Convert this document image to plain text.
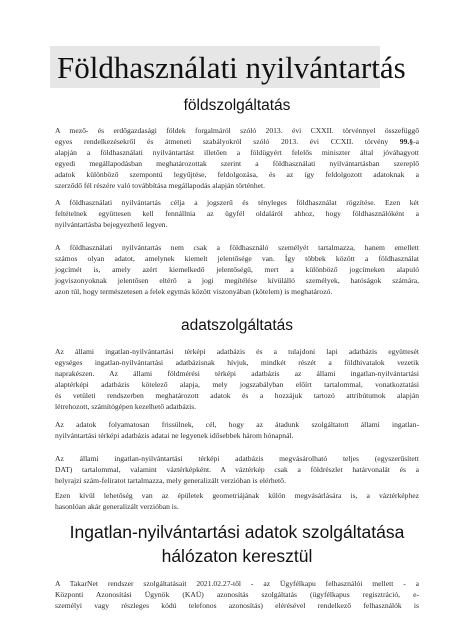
Földhasználati nyilvántartás
földszolgáltatás
A mező- és erdőgazdasági földek forgalmáról szóló 2013. évi CXXII. törvénnyel összefüggő
egyes rendelkezésekről és átmeneti szabályokról szóló 2013. évi CCXII. törvény 99.§-a
alapján a földhasználati nyilvántartást illetően a földügyért felelős miniszter által jóváhagyott
egyedi megállapodásban meghatározottak szerint a földhasználati nyilvántartásban szereplő
adatok különböző szempontú legyűjtése, feldolgozása, és az így feldolgozott adatoknak a
szerződő fél részére való továbbítása megállapodás alapján történhet.
A földhasználati nyilvántartás célja a jogszerű és tényleges földhasználat rögzítése. Ezen két
feltételnek együttesen kell fennállnia az ügyfél oldaláról ahhoz, hogy földhasználóként a
nyilvántartásba bejegyezhető legyen.
A földhasználati nyilvántartás nem csak a földhasználó személyét tartalmazza, hanem emellett
számos olyan adatot, amelynek kiemelt jelentősége van. Így többek között a földhasználat
jogcímét is, amely azért kiemelkedő jelentőségű, mert a különböző jogcímeken alapuló
jogviszonyoknak jelentősen eltérő a jogi megítélése kívülálló személyek, hatóságok számára,
azon túl, hogy természetesen a felek egymás között viszonyában (kötelem) is meghatározó.
adatszolgáltatás
Az állami ingatlan-nyilvántartási térképi adatbázis és a tulajdoni lapi adatbázis együttesét
egységes ingatlan-nyilvántartási adatbázisnak hívjuk, mindkét részét a földhivatalok vezetik
naprakészen. Az állami földmérési térképi adatbázis az állami ingatlan-nyilvántartási
alaptérképi adatbázis kötelező alapja, mely jogszabályban előírt tartalommal, vonatkoztatási
és vetületi rendszerben meghatározott adatok és a hozzájuk tartozó attribútumok alapján
létrehozott, számítógépen kezelhető adatbázis.
Az adatok folyamatosan frissülnek, cél, hogy az átadunk szolgáltatott állami ingatlan-
nyilvántartási térképi adatbázis adatai ne legyenek idősebbek három hónapnál.
Az állami ingatlan-nyilvántartási térképi adatbázis megvásárolható teljes (egyszerűsített
DAT) tartalommal, valamint váztérképként. A váztérkép csak a földrészlet határvonalát és a
helyrajzi szám-feliratot tartalmazza, mely generalizált verzióban is elérhető.
Ezen kívül lehetőség van az épületek geometriájának külön megvásárlására is, a váztérképhez
hasonlóan akár generalizált verzióban is.
Ingatlan-nyilvántartási adatok szolgáltatása
hálózaton keresztül
A TakarNet rendszer szolgáltatásait 2021.02.27-től - az Ügyfélkapu felhasználói mellett - a
Központi Azonosítási Ügynök (KAÜ) azonosítás szolgáltatás (ügyfélkapus regisztráció, e-
személyi vagy részleges kódú telefonos azonosítás) elérésével rendelkező felhasználók is
